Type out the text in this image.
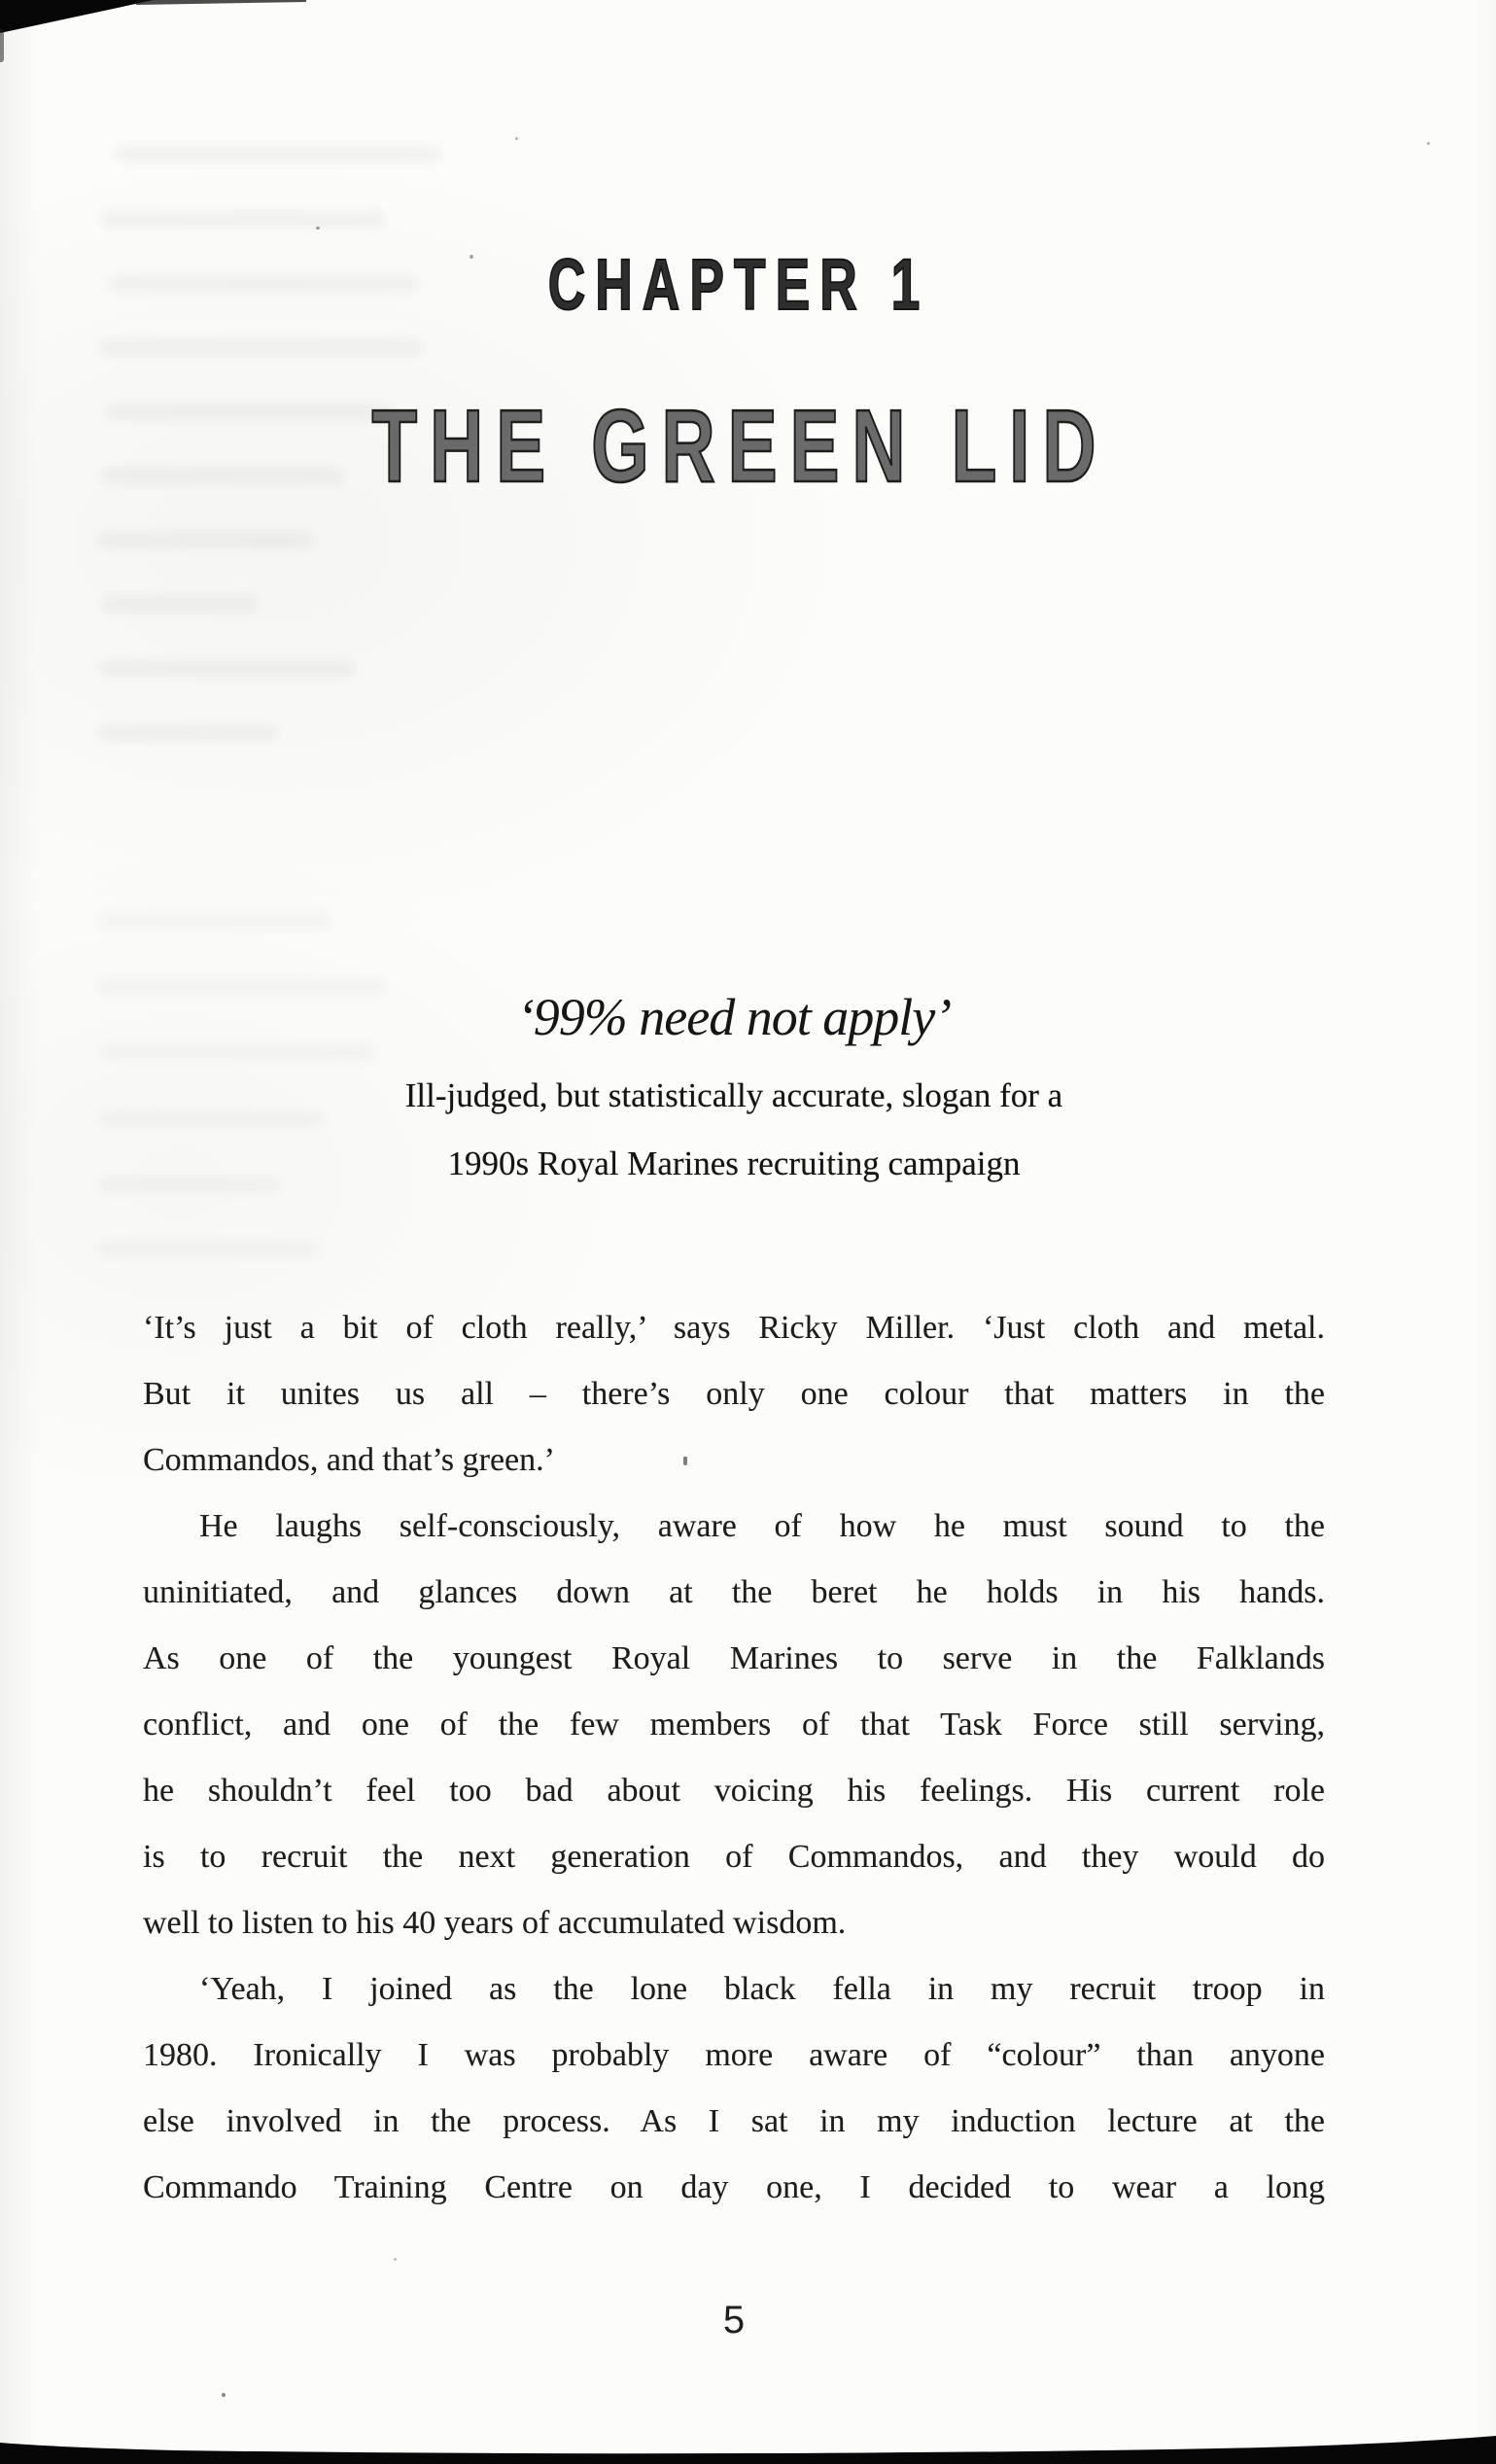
CHAPTER 1
THE GREEN LID
‘99% need not apply’
Ill-judged, but statistically accurate, slogan for a
1990s Royal Marines recruiting campaign
‘It’s just a bit of cloth really,’ says Ricky Miller. ‘Just cloth and metal.
But it unites us all – there’s only one colour that matters in the
Commandos, and that’s green.’
He laughs self-consciously, aware of how he must sound to the
uninitiated, and glances down at the beret he holds in his hands.
As one of the youngest Royal Marines to serve in the Falklands
conflict, and one of the few members of that Task Force still serving,
he shouldn’t feel too bad about voicing his feelings. His current role
is to recruit the next generation of Commandos, and they would do
well to listen to his 40 years of accumulated wisdom.
‘Yeah, I joined as the lone black fella in my recruit troop in
1980. Ironically I was probably more aware of “colour” than anyone
else involved in the process. As I sat in my induction lecture at the
Commando Training Centre on day one, I decided to wear a long
5
